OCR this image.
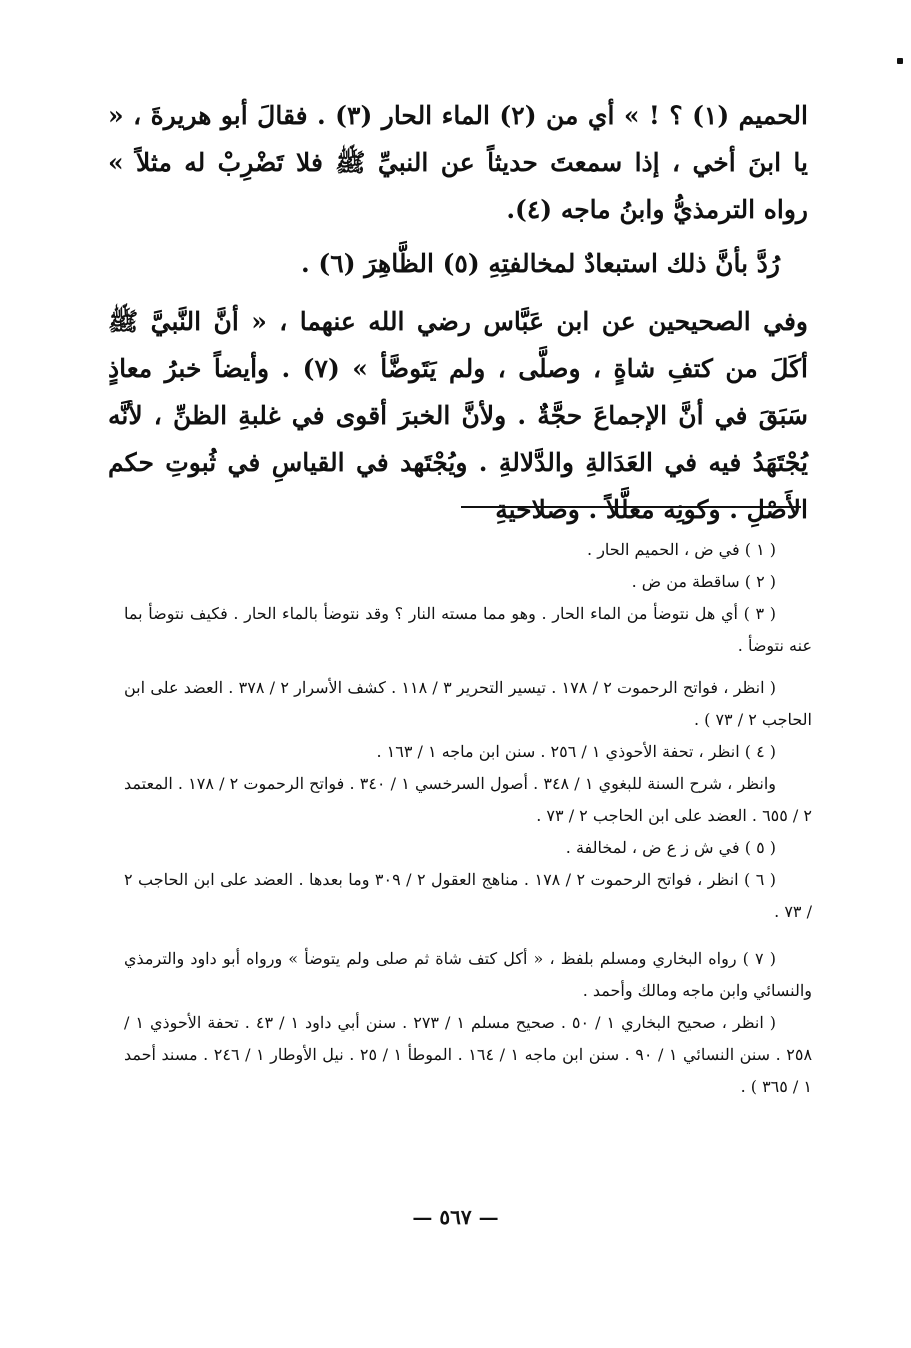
الحميم (١) ؟ ! » أي من (٢) الماء الحار (٣) . فقالَ أبو هريرةَ ، « يا ابنَ أخي ، إذا سمعتَ حديثاً عن النبيِّ ﷺ فلا تَضْرِبْ له مثلاً » رواه الترمذيُّ وابنُ ماجه (٤).

رُدَّ بأنَّ ذلك استبعادٌ لمخالفتِهِ (٥) الظَّاهِرَ (٦) .

وفي الصحيحين عن ابن عَبَّاس رضي الله عنهما ، « أنَّ النَّبيَّ ﷺ أكَلَ من كتفِ شاةٍ ، وصلَّى ، ولم يَتَوضَّأ » (٧) . وأيضاً خبرُ معاذٍ سَبَقَ في أنَّ الإجماعَ حجَّةٌ . ولأنَّ الخبرَ أقوى في غلبةِ الظنِّ ، لأنَّه يُجْتَهَدُ فيه في العَدَالةِ والدَّلالةِ . ويُجْتَهد في القياسِ في ثُبوتِ حكم الأَصْلِ . وكونِه معلَّلاً . وصلاحيةِ

( ١ ) في ض ، الحميم الحار .

( ٢ ) ساقطة من ض .

( ٣ ) أي هل نتوضأ من الماء الحار . وهو مما مسته النار ؟ وقد نتوضأ بالماء الحار . فكيف نتوضأ بما عنه نتوضأ .

( انظر ، فواتح الرحموت ٢ / ١٧٨ . تيسير التحرير ٣ / ١١٨ . كشف الأسرار ٢ / ٣٧٨ . العضد على ابن الحاجب ٢ / ٧٣ ) .

( ٤ ) انظر ، تحفة الأحوذي ١ / ٢٥٦ . سنن ابن ماجه ١ / ١٦٣ .

وانظر ، شرح السنة للبغوي ١ / ٣٤٨ . أصول السرخسي ١ / ٣٤٠ . فواتح الرحموت ٢ / ١٧٨ . المعتمد ٢ / ٦٥٥ . العضد على ابن الحاجب ٢ / ٧٣ .

( ٥ ) في ش ز ع ض ، لمخالفة .

( ٦ ) انظر ، فواتح الرحموت ٢ / ١٧٨ . مناهج العقول ٢ / ٣٠٩ وما بعدها . العضد على ابن الحاجب ٢ / ٧٣ .

( ٧ ) رواه البخاري ومسلم بلفظ ، « أكل كتف شاة ثم صلى ولم يتوضأ » ورواه أبو داود والترمذي والنسائي وابن ماجه ومالك وأحمد .

( انظر ، صحيح البخاري ١ / ٥٠ . صحيح مسلم ١ / ٢٧٣ . سنن أبي داود ١ / ٤٣ . تحفة الأحوذي ١ / ٢٥٨ . سنن النسائي ١ / ٩٠ . سنن ابن ماجه ١ / ١٦٤ . الموطأ ١ / ٢٥ . نيل الأوطار ١ / ٢٤٦ . مسند أحمد ١ / ٣٦٥ ) .

— ٥٦٧ —
